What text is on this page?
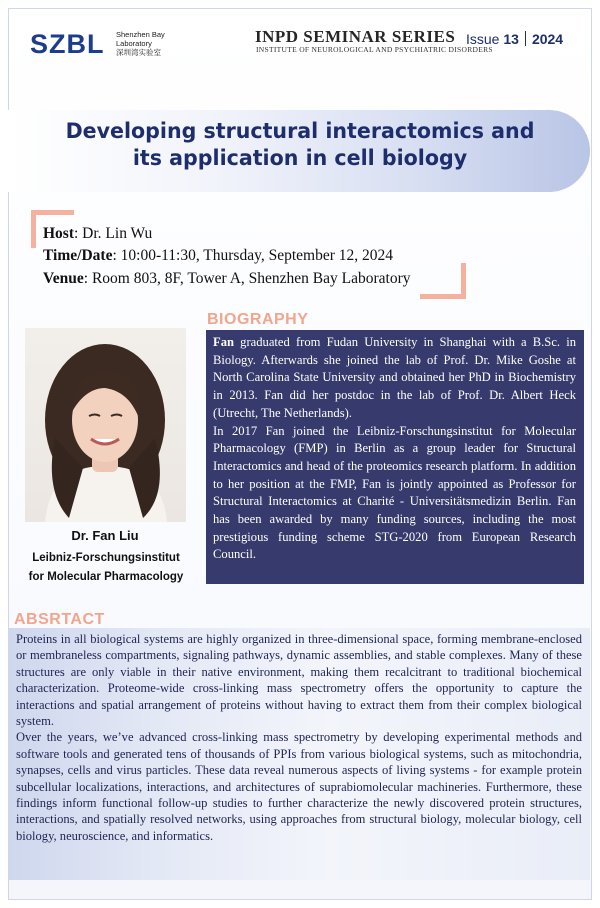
SZBL Shenzhen Bay
Laboratory
深圳湾实验室
INPD SEMINAR SERIES
INSTITUTE OF NEUROLOGICAL AND PSYCHIATRIC DISORDERS
Issue 13 2024
Developing structural interactomics and
its application in cell biology
Host: Dr. Lin Wu
Time/Date: 10:00-11:30, Thursday, September 12, 2024
Venue: Room 803, 8F, Tower A, Shenzhen Bay Laboratory
Dr. Fan Liu
Leibniz-Forschungsinstitut
for Molecular Pharmacology
BIOGRAPHY

Fan graduated from Fudan University in Shanghai with a B.Sc. in Biology. Afterwards she joined the lab of Prof. Dr. Mike Goshe at North Carolina State University and obtained her PhD in Biochemistry in 2013. Fan did her postdoc in the lab of Prof. Dr. Albert Heck (Utrecht, The Netherlands).

In 2017 Fan joined the Leibniz-Forschungsinstitut for Molecular Pharmacology (FMP) in Berlin as a group leader for Structural Interactomics and head of the proteomics research platform. In addition to her position at the FMP, Fan is jointly appointed as Professor for Structural Interactomics at Charité - Universitätsmedizin Berlin. Fan has been awarded by many funding sources, including the most prestigious funding scheme STG-2020 from European Research Council.

ABSRTACT

Proteins in all biological systems are highly organized in three-dimensional space, forming membrane-enclosed or membraneless compartments, signaling pathways, dynamic assemblies, and stable complexes. Many of these structures are only viable in their native environment, making them recalcitrant to traditional biochemical characterization. Proteome-wide cross-linking mass spectrometry offers the opportunity to capture the interactions and spatial arrangement of proteins without having to extract them from their complex biological system.

Over the years, we’ve advanced cross-linking mass spectrometry by developing experimental methods and software tools and generated tens of thousands of PPIs from various biological systems, such as mitochondria, synapses, cells and virus particles. These data reveal numerous aspects of living systems - for example protein subcellular localizations, interactions, and architectures of suprabiomolecular machineries. Furthermore, these findings inform functional follow-up studies to further characterize the newly discovered protein structures, interactions, and spatially resolved networks, using approaches from structural biology, molecular biology, cell biology, neuroscience, and informatics.
